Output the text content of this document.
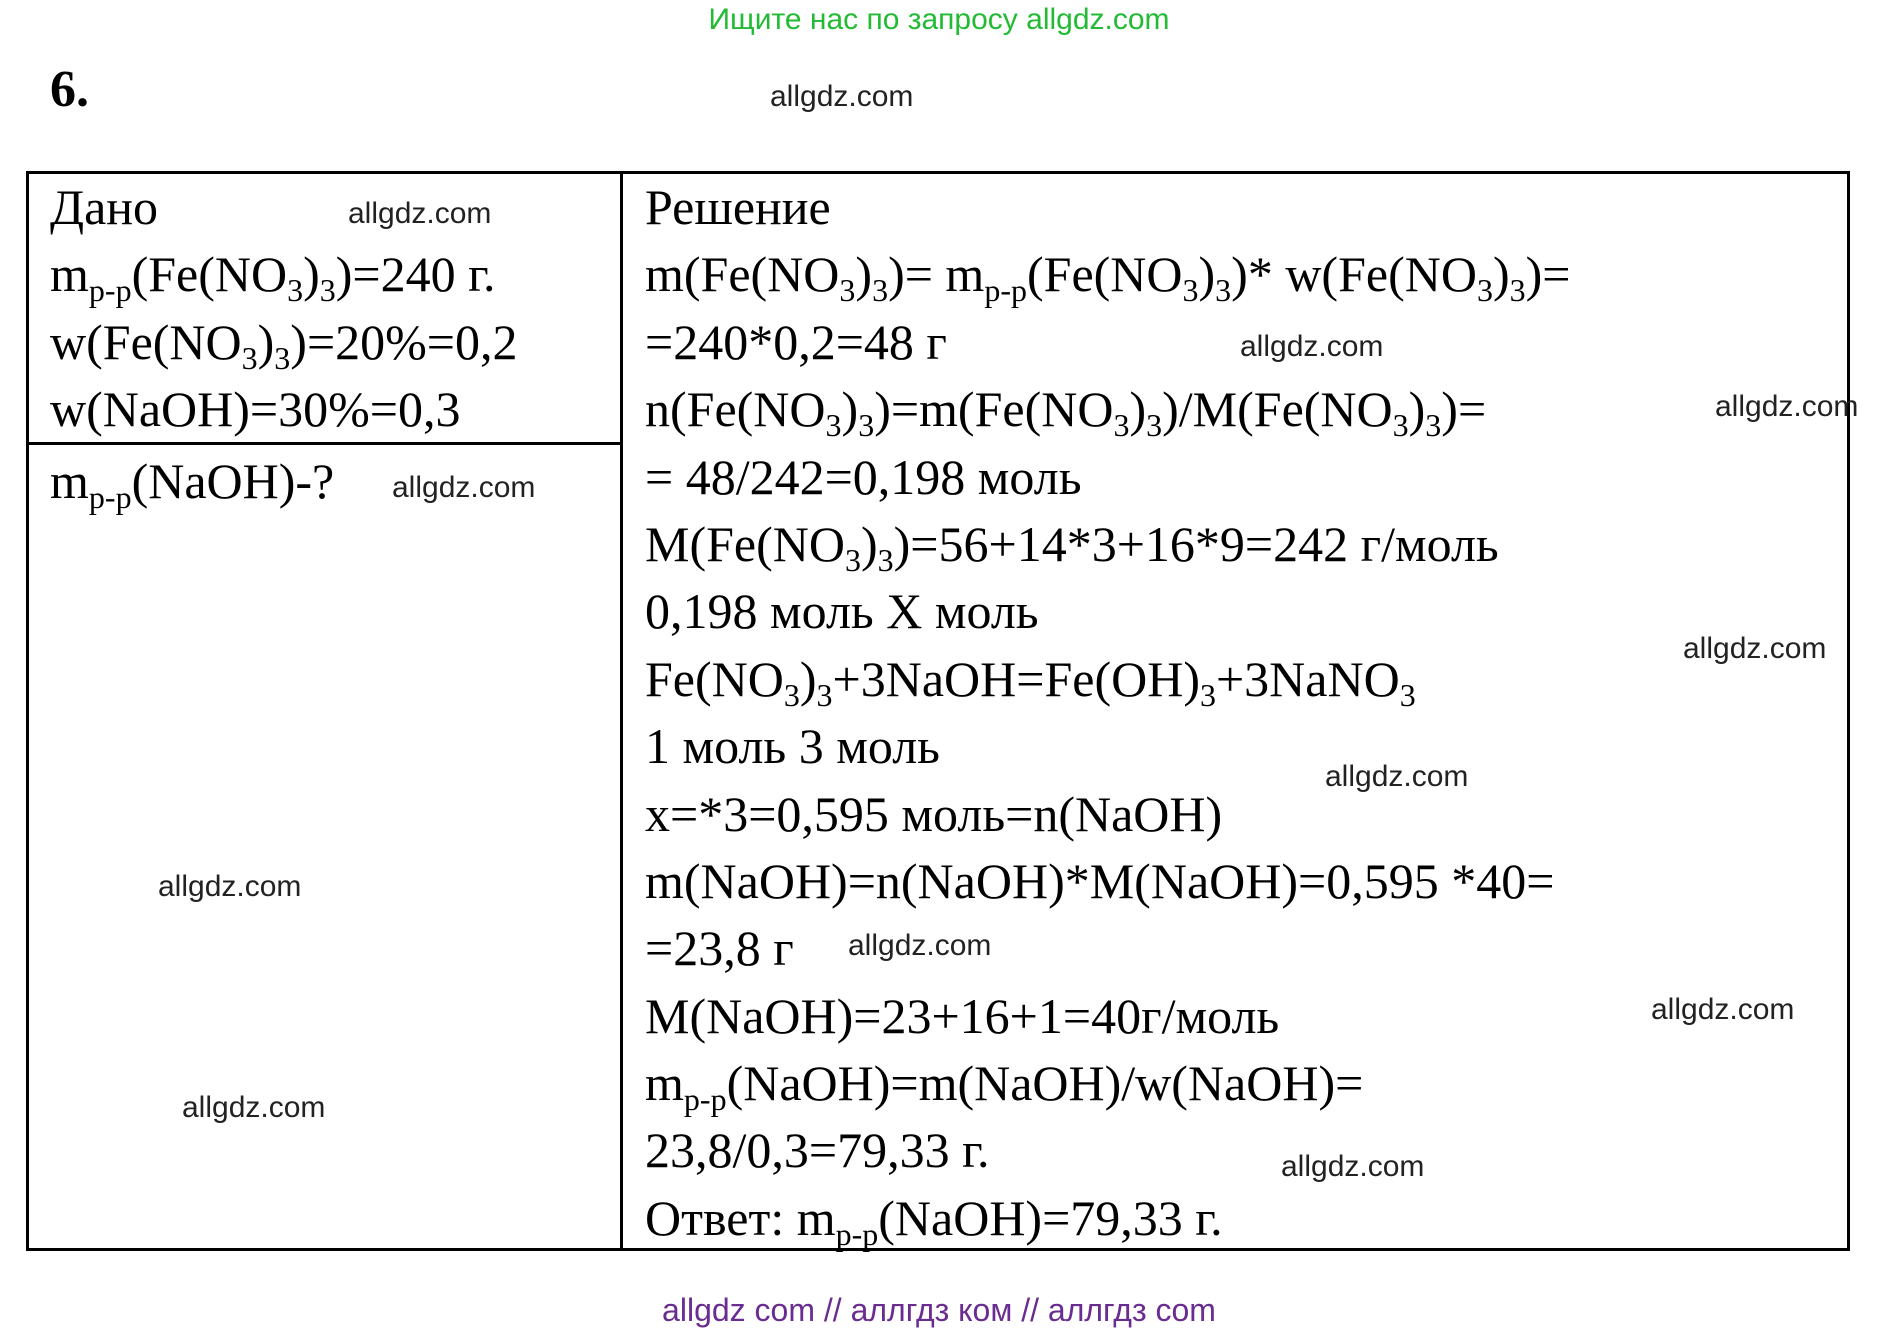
Ищите нас по запросу allgdz.com
6.
Дано
$m_{р-р}(Fe(NO_3)_3)=240$ г.
$w(Fe(NO_3)_3)=20\%=0,2$
w(NaOH)=30%=0,3
$m_{р-р}(NaOH)-$?
Решение
$m(Fe(NO_3)_3)= m_{р-р}(Fe(NO_3)_3)*$ $w(Fe(NO_3)_3)=$
=240*0,2=48 г
$n(Fe(NO_3)_3)=m(Fe(NO_3)_3)/M(Fe(NO_3)_3)=$
= 48/242=0,198 моль
$M(Fe(NO_3)_3)=56+14*3+16*9=242$ г/моль
0,198 моль X моль
$Fe(NO_3)_3+3NaOH=Fe(OH)_3+3NaNO_3$
1 моль 3 моль
x=*3=0,595 моль=n(NaOH)
m(NaOH)=n(NaOH)*M(NaOH)=0,595 *40=
=23,8 г
M(NaOH)=23+16+1=40г/моль
$m_{р-р}(NaOH)=m(NaOH)/w(NaOH)=$
23,8/0,3=79,33 г.
Ответ: $m_{р-р}(NaOH)=79,33$ г.
allgdz.com
allgdz.com
allgdz.com
allgdz.com
allgdz.com
allgdz.com
allgdz.com
allgdz.com
allgdz.com
allgdz.com
allgdz.com
allgdz.com
allgdz com // аллгдз ком // аллгдз com
